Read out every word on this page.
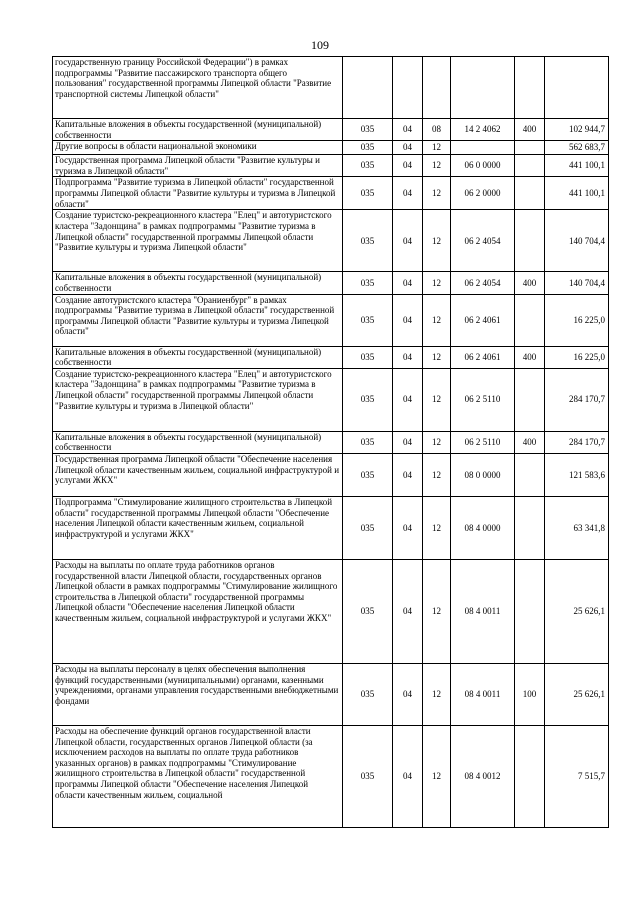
109
государственную границу Российской Федерации") в рамках подпрограммы "Развитие пассажирского транспорта общего пользования" государственной программы Липецкой области "Развитие транспортной системы Липецкой области"						
Капитальные вложения в объекты государственной (муниципальной) собственности	035	04	08	14 2 4062	400	102 944,7
Другие вопросы в области национальной экономики	035	04	12			562 683,7
Государственная программа Липецкой области "Развитие культуры и туризма в Липецкой области"	035	04	12	06 0 0000		441 100,1
Подпрограмма "Развитие туризма в Липецкой области" государственной программы Липецкой области "Развитие культуры и туризма в Липецкой области"	035	04	12	06 2 0000		441 100,1
Создание туристско-рекреационного кластера "Елец" и автотуристского кластера "Задонщина" в рамках подпрограммы "Развитие туризма в Липецкой области" государственной программы Липецкой области "Развитие культуры и туризма Липецкой области"	035	04	12	06 2 4054		140 704,4
Капитальные вложения в объекты государственной (муниципальной) собственности	035	04	12	06 2 4054	400	140 704,4
Создание автотуристского кластера "Ораниенбург" в рамках подпрограммы "Развитие туризма в Липецкой области" государственной программы Липецкой области "Развитие культуры и туризма Липецкой области"	035	04	12	06 2 4061		16 225,0
Капитальные вложения в объекты государственной (муниципальной) собственности	035	04	12	06 2 4061	400	16 225,0
Создание туристско-рекреационного кластера "Елец" и автотуристского кластера "Задонщина" в рамках подпрограммы "Развитие туризма в Липецкой области" государственной программы Липецкой области "Развитие культуры и туризма в Липецкой области"	035	04	12	06 2 5110		284 170,7
Капитальные вложения в объекты государственной (муниципальной) собственности	035	04	12	06 2 5110	400	284 170,7
Государственная программа Липецкой области "Обеспечение населения Липецкой области качественным жильем, социальной инфраструктурой и услугами ЖКХ"	035	04	12	08 0 0000		121 583,6
Подпрограмма "Стимулирование жилищного строительства в Липецкой области" государственной программы Липецкой области "Обеспечение населения Липецкой области качественным жильем, социальной инфраструктурой и услугами ЖКХ"	035	04	12	08 4 0000		63 341,8
Расходы на выплаты по оплате труда работников органов государственной власти Липецкой области, государственных органов Липецкой области в рамках подпрограммы "Стимулирование жилищного строительства в Липецкой области" государственной программы Липецкой области "Обеспечение населения Липецкой области качественным жильем, социальной инфраструктурой и услугами ЖКХ"	035	04	12	08 4 0011		25 626,1
Расходы на выплаты персоналу в целях обеспечения выполнения функций государственными (муниципальными) органами, казенными учреждениями, органами управления государственными внебюджетными фондами	035	04	12	08 4 0011	100	25 626,1
Расходы на обеспечение функций органов государственной власти Липецкой области, государственных органов Липецкой области (за исключением расходов на выплаты по оплате труда работников указанных органов) в рамках подпрограммы "Стимулирование жилищного строительства в Липецкой области" государственной программы Липецкой области "Обеспечение населения Липецкой области качественным жильем, социальной	035	04	12	08 4 0012		7 515,7
